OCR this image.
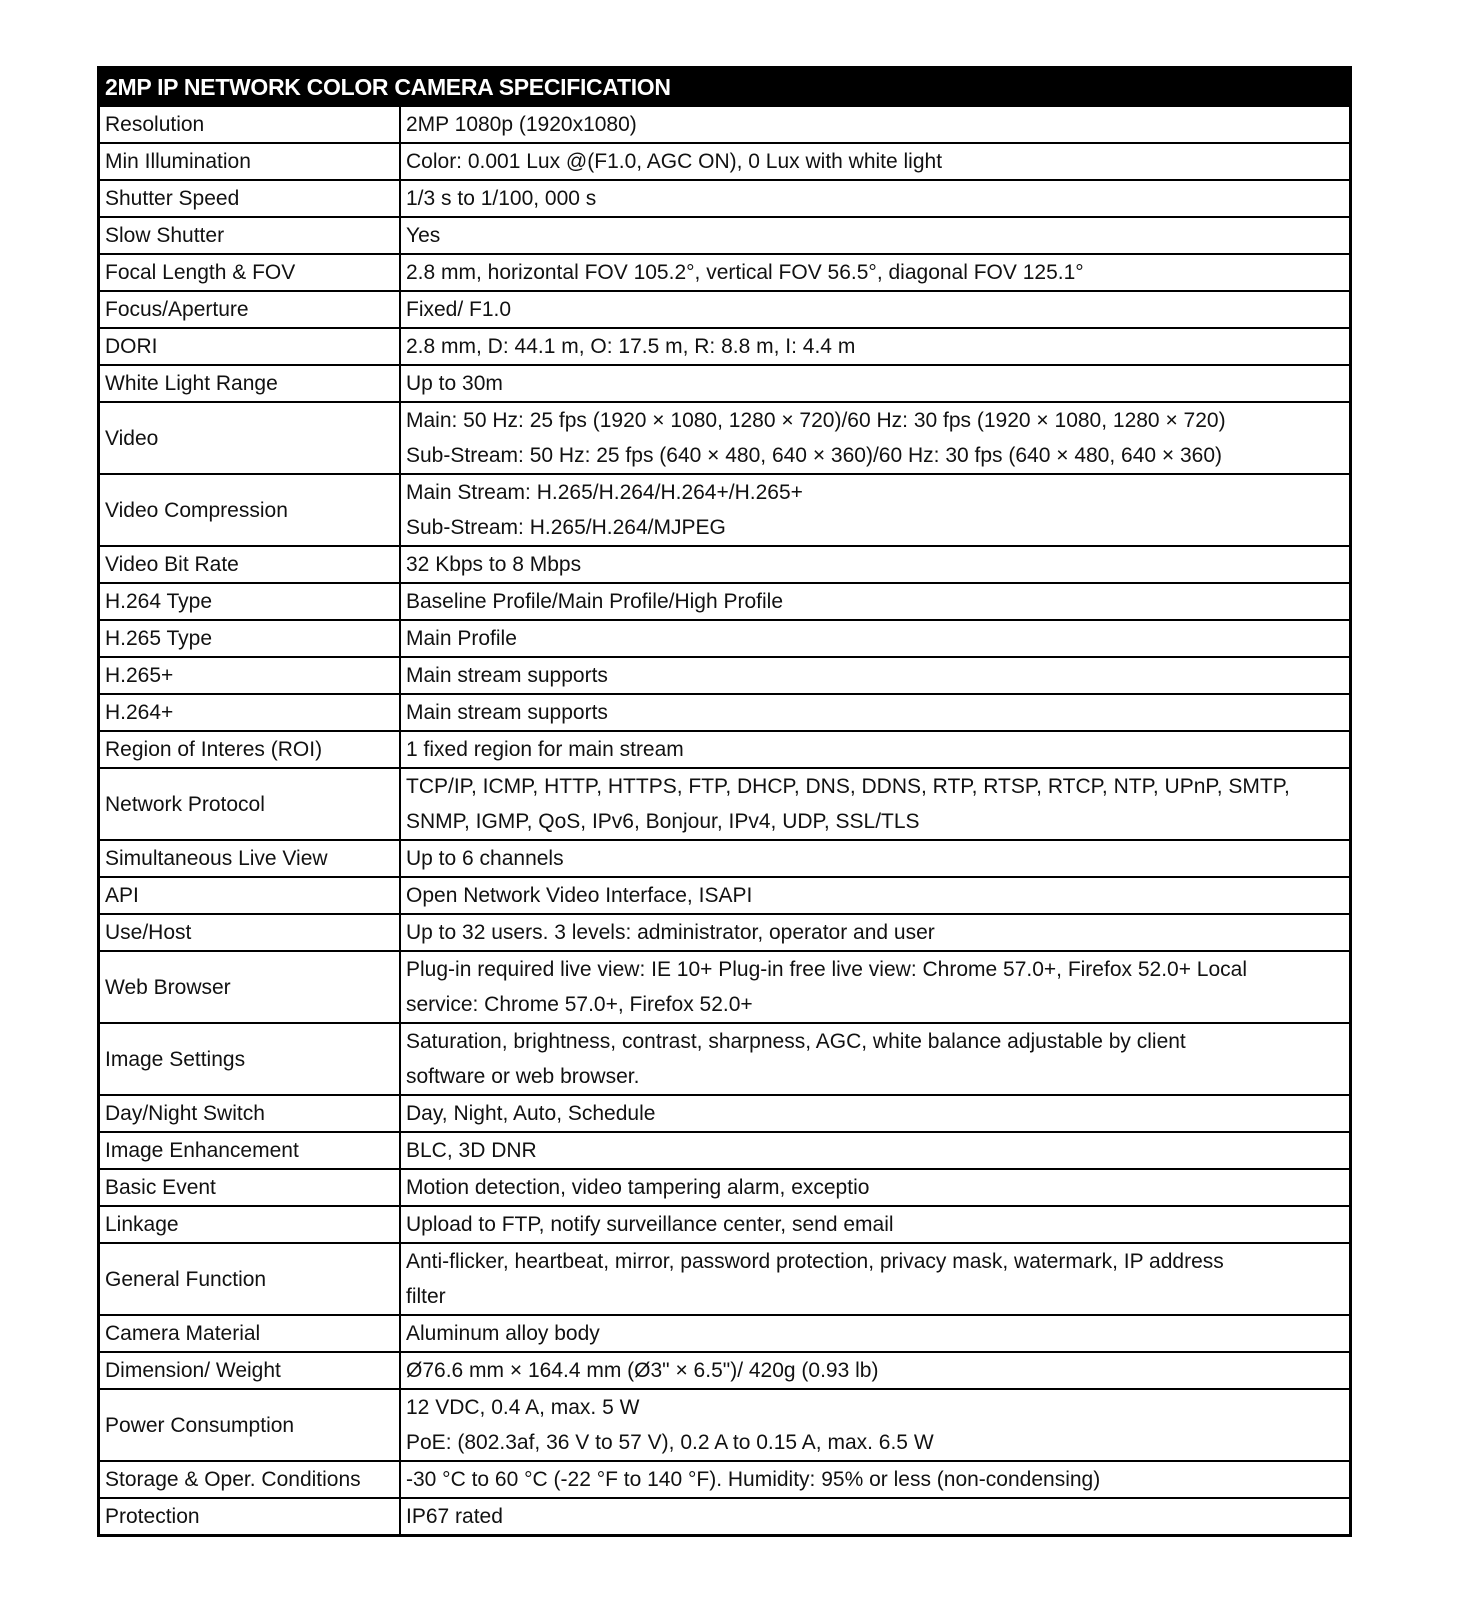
2MP IP NETWORK COLOR CAMERA SPECIFICATION	
Resolution	2MP 1080p (1920x1080)

Min Illumination	Color: 0.001 Lux @(F1.0, AGC ON), 0 Lux with white light

Shutter Speed	1/3 s to 1/100, 000 s

Slow Shutter	Yes

Focal Length & FOV	2.8 mm, horizontal FOV 105.2°, vertical FOV 56.5°, diagonal FOV 125.1°

Focus/Aperture	Fixed/ F1.0

DORI	2.8 mm, D: 44.1 m, O: 17.5 m, R: 8.8 m, I: 4.4 m

White Light Range	Up to 30m

Video	Main: 50 Hz: 25 fps (1920 × 1080, 1280 × 720)/60 Hz: 30 fps (1920 × 1080, 1280 × 720)
Sub-Stream: 50 Hz: 25 fps (640 × 480, 640 × 360)/60 Hz: 30 fps (640 × 480, 640 × 360)

Video Compression	Main Stream: H.265/H.264/H.264+/H.265+
Sub-Stream: H.265/H.264/MJPEG

Video Bit Rate	32 Kbps to 8 Mbps

H.264 Type	Baseline Profile/Main Profile/High Profile

H.265 Type	Main Profile

H.265+	Main stream supports

H.264+	Main stream supports

Region of Interes (ROI)	1 fixed region for main stream

Network Protocol	TCP/IP, ICMP, HTTP, HTTPS, FTP, DHCP, DNS, DDNS, RTP, RTSP, RTCP, NTP, UPnP, SMTP,
SNMP, IGMP, QoS, IPv6, Bonjour, IPv4, UDP, SSL/TLS

Simultaneous Live View	Up to 6 channels

API	Open Network Video Interface, ISAPI

Use/Host	Up to 32 users. 3 levels: administrator, operator and user

Web Browser	Plug-in required live view: IE 10+ Plug-in free live view: Chrome 57.0+, Firefox 52.0+ Local
service: Chrome 57.0+, Firefox 52.0+

Image Settings	Saturation, brightness, contrast, sharpness, AGC, white balance adjustable by client
software or web browser.

Day/Night Switch	Day, Night, Auto, Schedule

Image Enhancement	BLC, 3D DNR

Basic Event	Motion detection, video tampering alarm, exceptio

Linkage	Upload to FTP, notify surveillance center, send email

General Function	Anti-flicker, heartbeat, mirror, password protection, privacy mask, watermark, IP address
filter

Camera Material	Aluminum alloy body

Dimension/ Weight	Ø76.6 mm × 164.4 mm (Ø3" × 6.5")/ 420g (0.93 lb)

Power Consumption	12 VDC, 0.4 A, max. 5 W
PoE: (802.3af, 36 V to 57 V), 0.2 A to 0.15 A, max. 6.5 W

Storage & Oper. Conditions	-30 °C to 60 °C (-22 °F to 140 °F). Humidity: 95% or less (non-condensing)

Protection	IP67 rated
